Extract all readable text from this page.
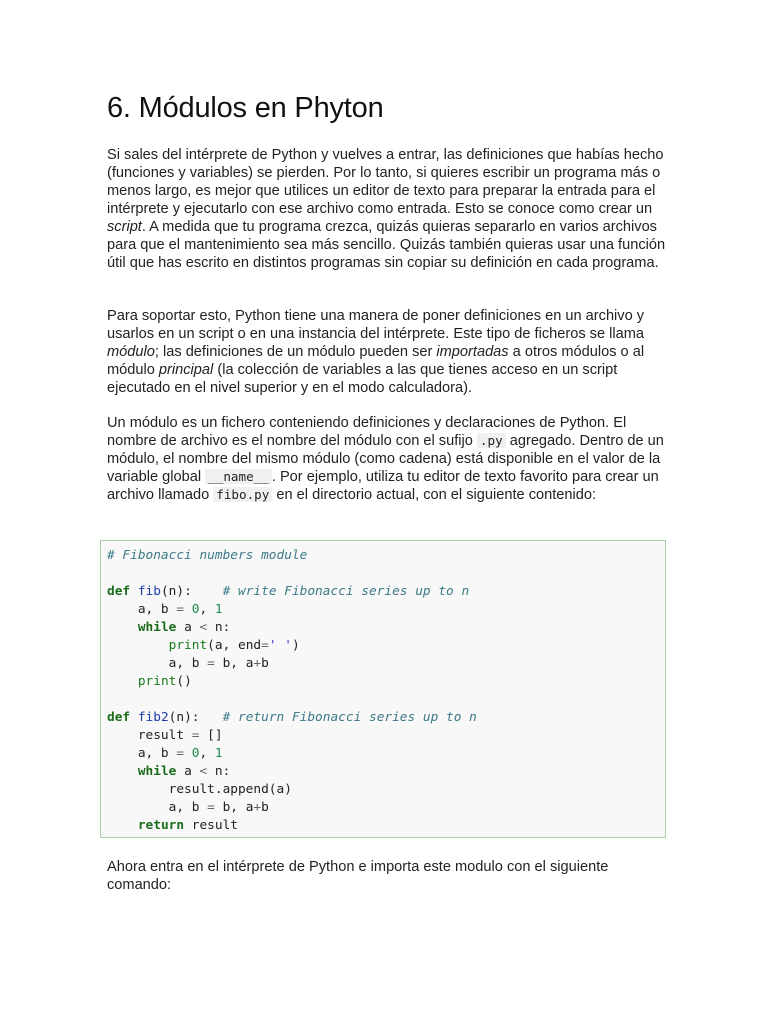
6. Módulos en Phyton

Si sales del intérprete de Python y vuelves a entrar, las definiciones que habías hecho (funciones y variables) se pierden. Por lo tanto, si quieres escribir un programa más o menos largo, es mejor que utilices un editor de texto para preparar la entrada para el intérprete y ejecutarlo con ese archivo como entrada. Esto se conoce como crear un script. A medida que tu programa crezca, quizás quieras separarlo en varios archivos para que el mantenimiento sea más sencillo. Quizás también quieras usar una función útil que has escrito en distintos programas sin copiar su definición en cada programa.

Para soportar esto, Python tiene una manera de poner definiciones en un archivo y usarlos en un script o en una instancia del intérprete. Este tipo de ficheros se llama módulo; las definiciones de un módulo pueden ser importadas a otros módulos o al módulo principal (la colección de variables a las que tienes acceso en un script ejecutado en el nivel superior y en el modo calculadora).

Un módulo es un fichero conteniendo definiciones y declaraciones de Python. El nombre de archivo es el nombre del módulo con el sufijo .py agregado. Dentro de un módulo, el nombre del mismo módulo (como cadena) está disponible en el valor de la variable global __name__ . Por ejemplo, utiliza tu editor de texto favorito para crear un archivo llamado fibo.py en el directorio actual, con el siguiente contenido:

Ahora entra en el intérprete de Python e importa este modulo con el siguiente comando:

# Fibonacci numbers module
def fib(n):    # write Fibonacci series up to n
a, b = 0, 1
while a < n:
print(a, end=' ')
a, b = b, a+b
print()
def fib2(n):   # return Fibonacci series up to n
result = []
a, b = 0, 1
while a < n:
result.append(a)
a, b = b, a+b
return result
